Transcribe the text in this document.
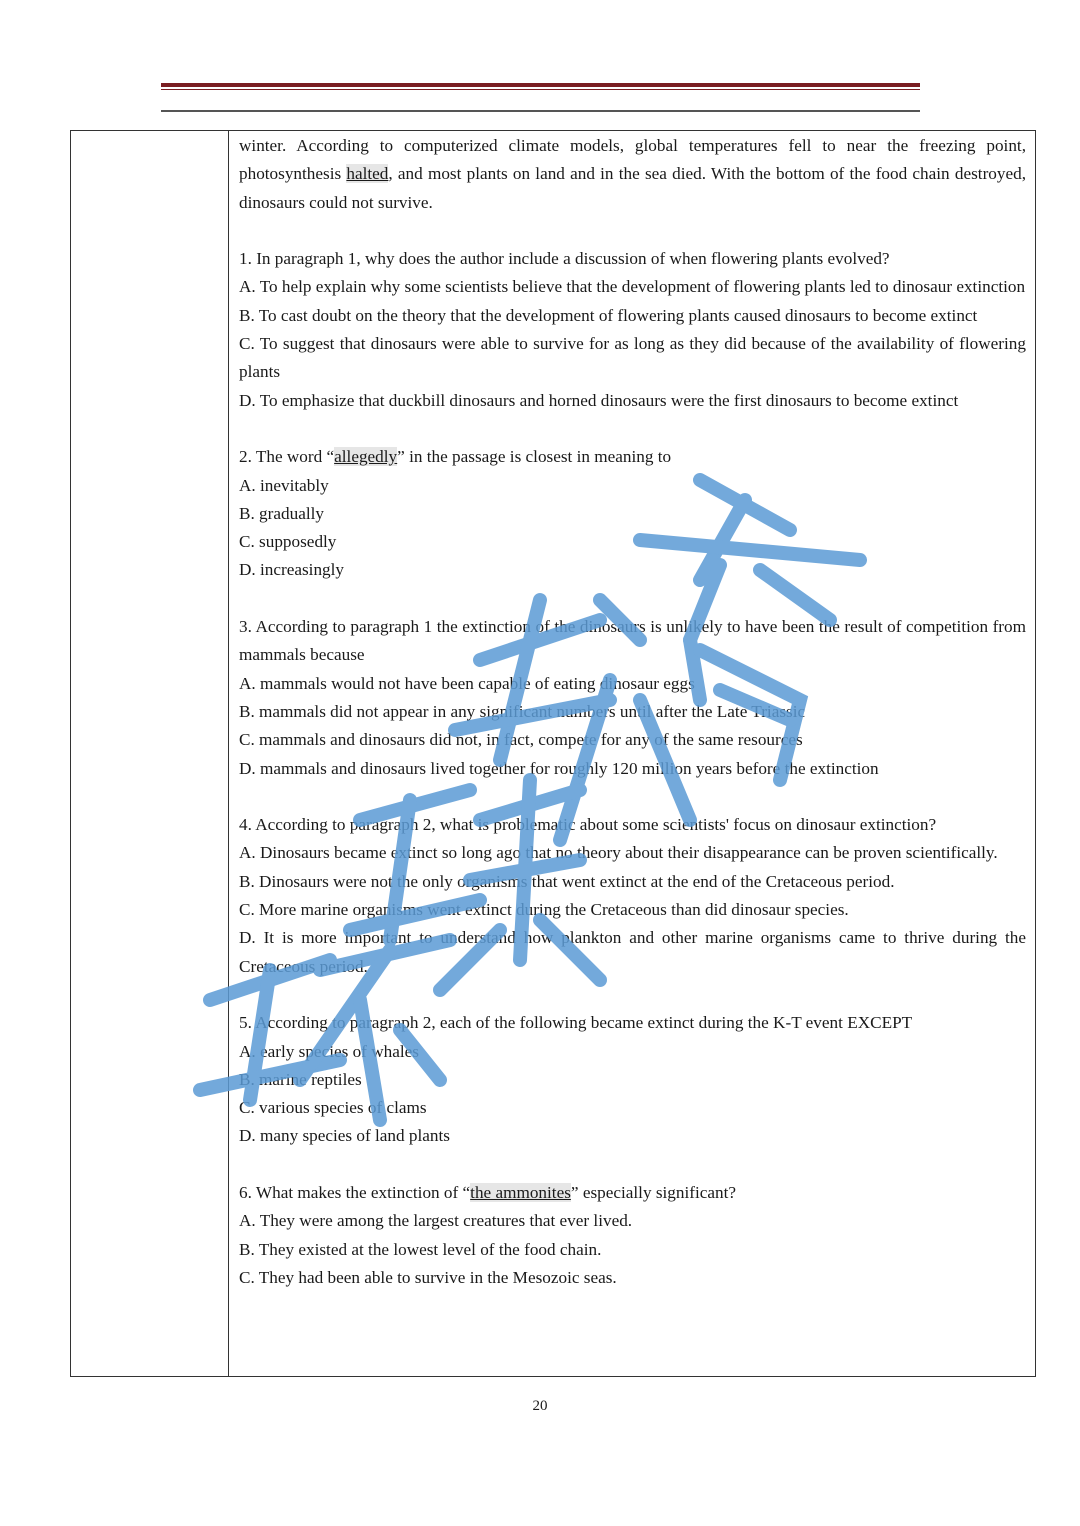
winter. According to computerized climate models, global temperatures fell to near the freezing point, photosynthesis halted, and most plants on land and in the sea died. With the bottom of the food chain destroyed, dinosaurs could not survive.

1. In paragraph 1, why does the author include a discussion of when flowering plants evolved?

A. To help explain why some scientists believe that the development of flowering plants led to dinosaur extinction

B. To cast doubt on the theory that the development of flowering plants caused dinosaurs to become extinct

C. To suggest that dinosaurs were able to survive for as long as they did because of the availability of flowering plants

D. To emphasize that duckbill dinosaurs and horned dinosaurs were the first dinosaurs to become extinct

2. The word “allegedly” in the passage is closest in meaning to

A. inevitably

B. gradually

C. supposedly

D. increasingly

3. According to paragraph 1 the extinction of the dinosaurs is unlikely to have been the result of competition from mammals because

A. mammals would not have been capable of eating dinosaur eggs

B. mammals did not appear in any significant numbers until after the Late Triassic

C. mammals and dinosaurs did not, in fact, compete for any of the same resources

D. mammals and dinosaurs lived together for roughly 120 million years before the extinction

4. According to paragraph 2, what is problematic about some scientists' focus on dinosaur extinction?

A. Dinosaurs became extinct so long ago that no theory about their disappearance can be proven scientifically.

B. Dinosaurs were not the only organisms that went extinct at the end of the Cretaceous period.

C. More marine organisms went extinct during the Cretaceous than did dinosaur species.

D. It is more important to understand how plankton and other marine organisms came to thrive during the Cretaceous period.

5. According to paragraph 2, each of the following became extinct during the K-T event EXCEPT

A. early species of whales

B. marine reptiles

C. various species of clams

D. many species of land plants

6. What makes the extinction of “the ammonites” especially significant?

A. They were among the largest creatures that ever lived.

B. They existed at the lowest level of the food chain.

C. They had been able to survive in the Mesozoic seas.

20
